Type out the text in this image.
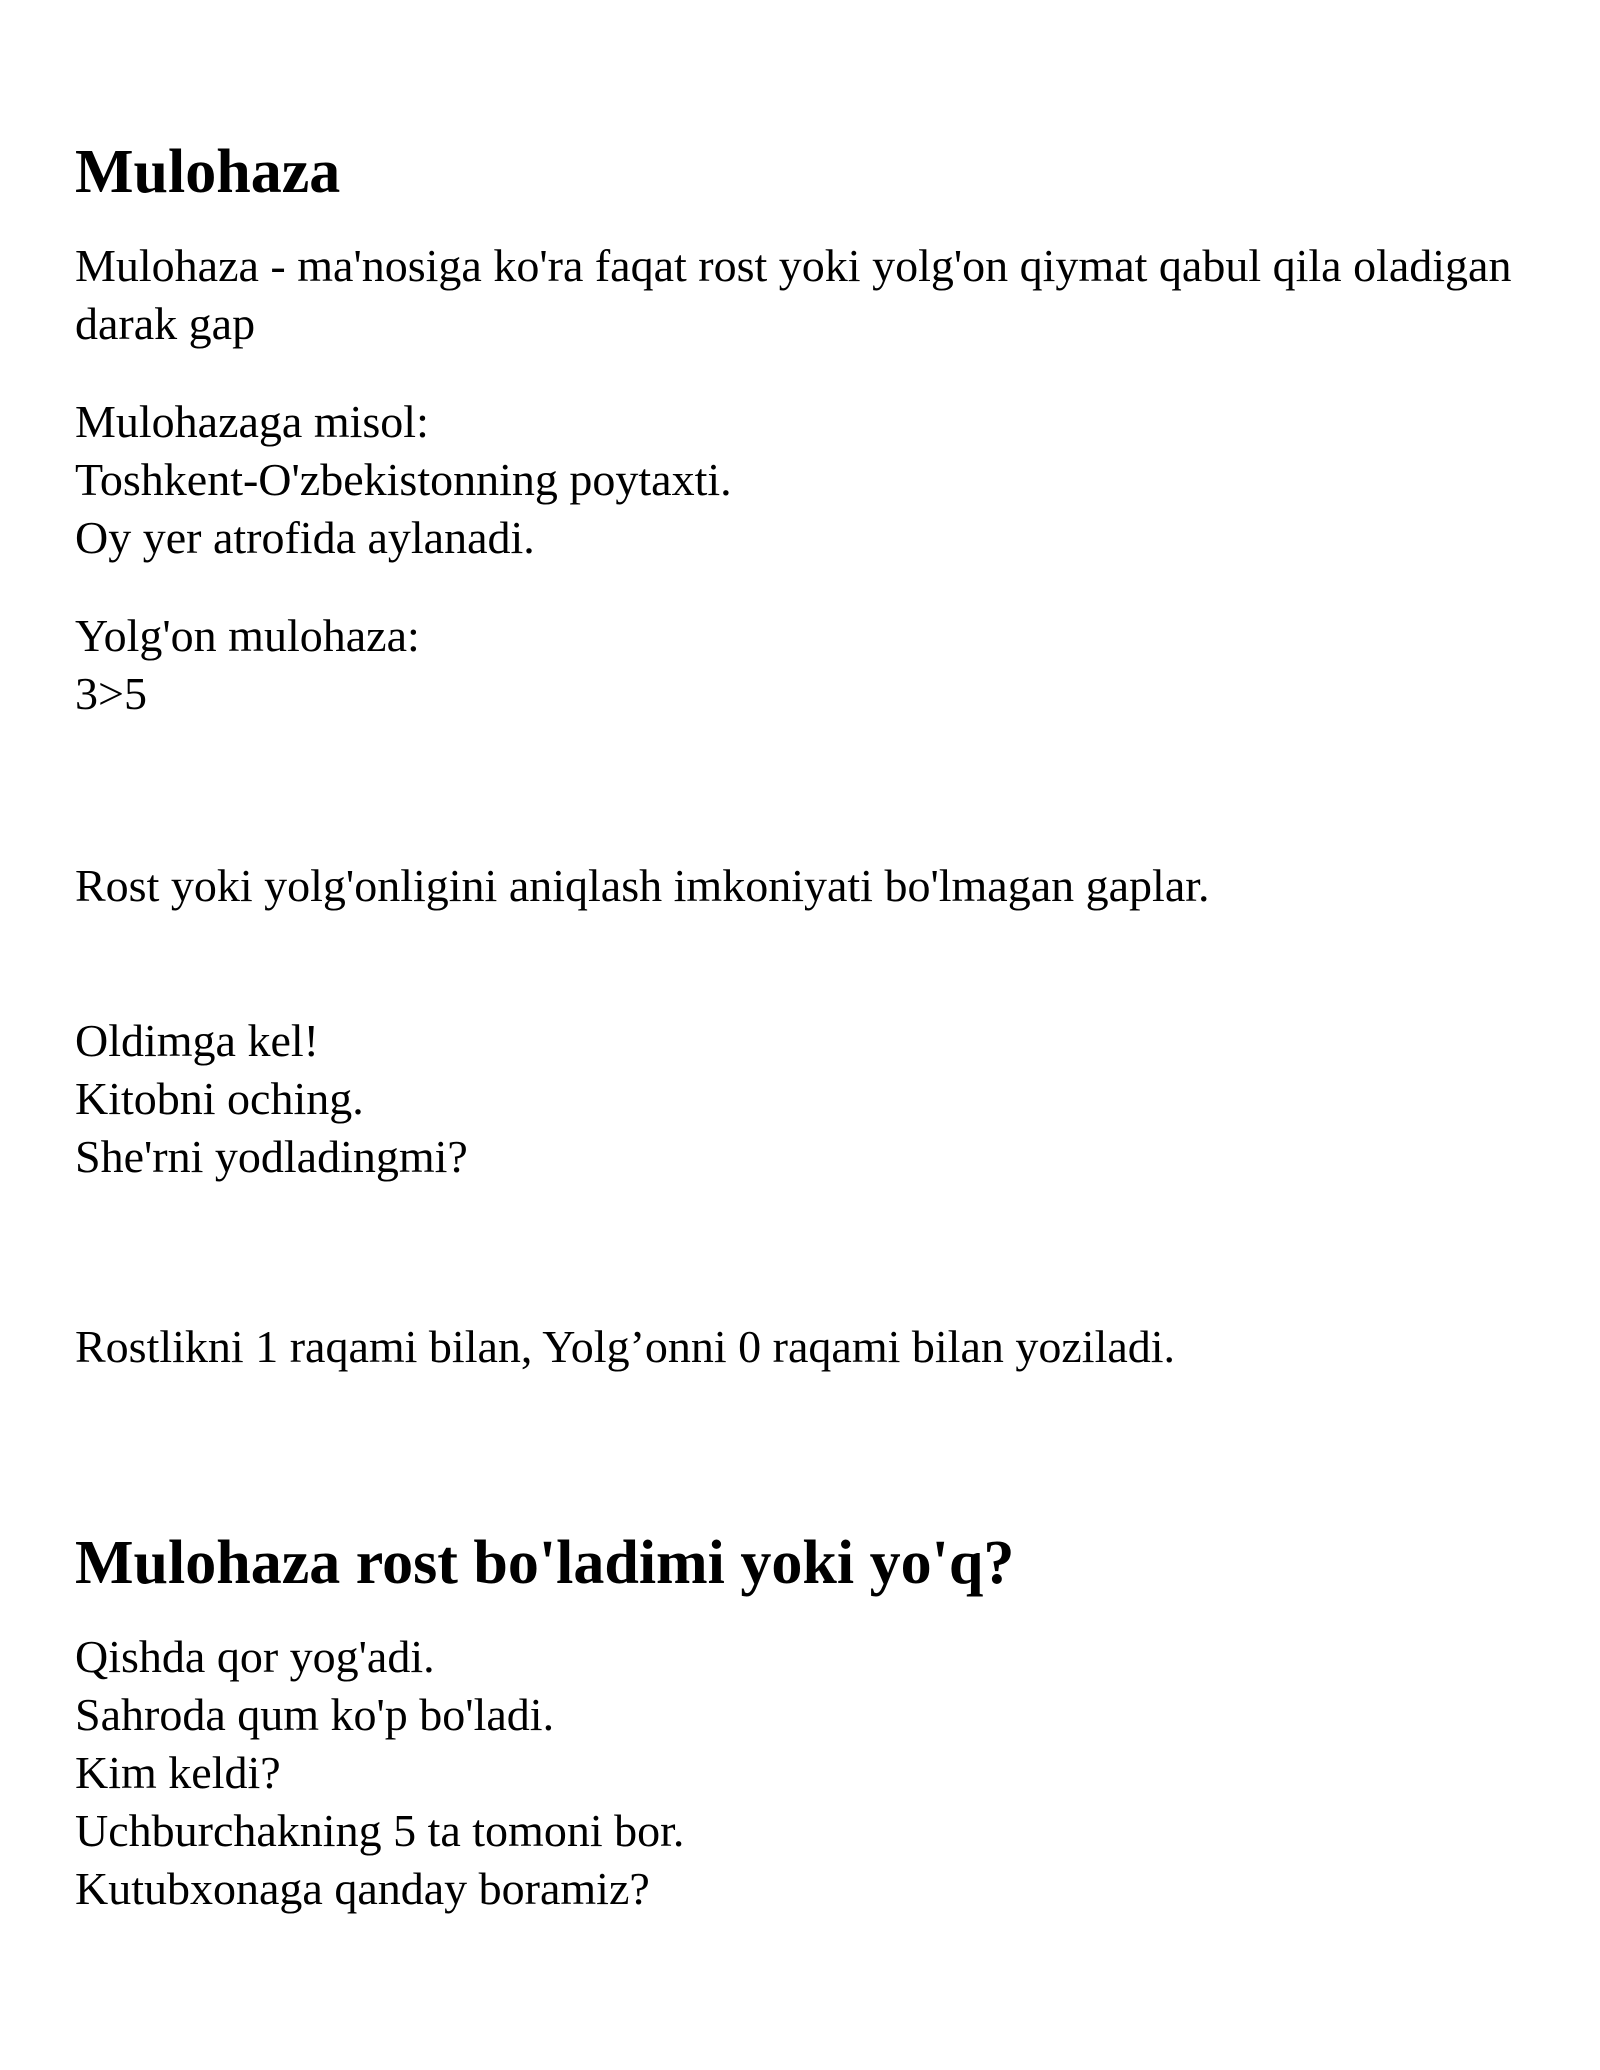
Mulohaza

Mulohaza - ma'nosiga ko'ra faqat rost yoki yolg'on qiymat qabul qila oladigan darak gap

Mulohazaga misol:
Toshkent-O'zbekistonning poytaxti.
Oy yer atrofida aylanadi.
Yolg'on mulohaza:
3>5

Rost yoki yolg'onligini aniqlash imkoniyati bo'lmagan gaplar.

Oldimga kel!
Kitobni oching.
She'rni yodladingmi?

Rostlikni 1 raqami bilan, Yolg’onni 0 raqami bilan yoziladi.

Mulohaza rost bo'ladimi yoki yo'q?
Qishda qor yog'adi.
Sahroda qum ko'p bo'ladi.
Kim keldi?
Uchburchakning 5 ta tomoni bor.
Kutubxonaga qanday boramiz?
